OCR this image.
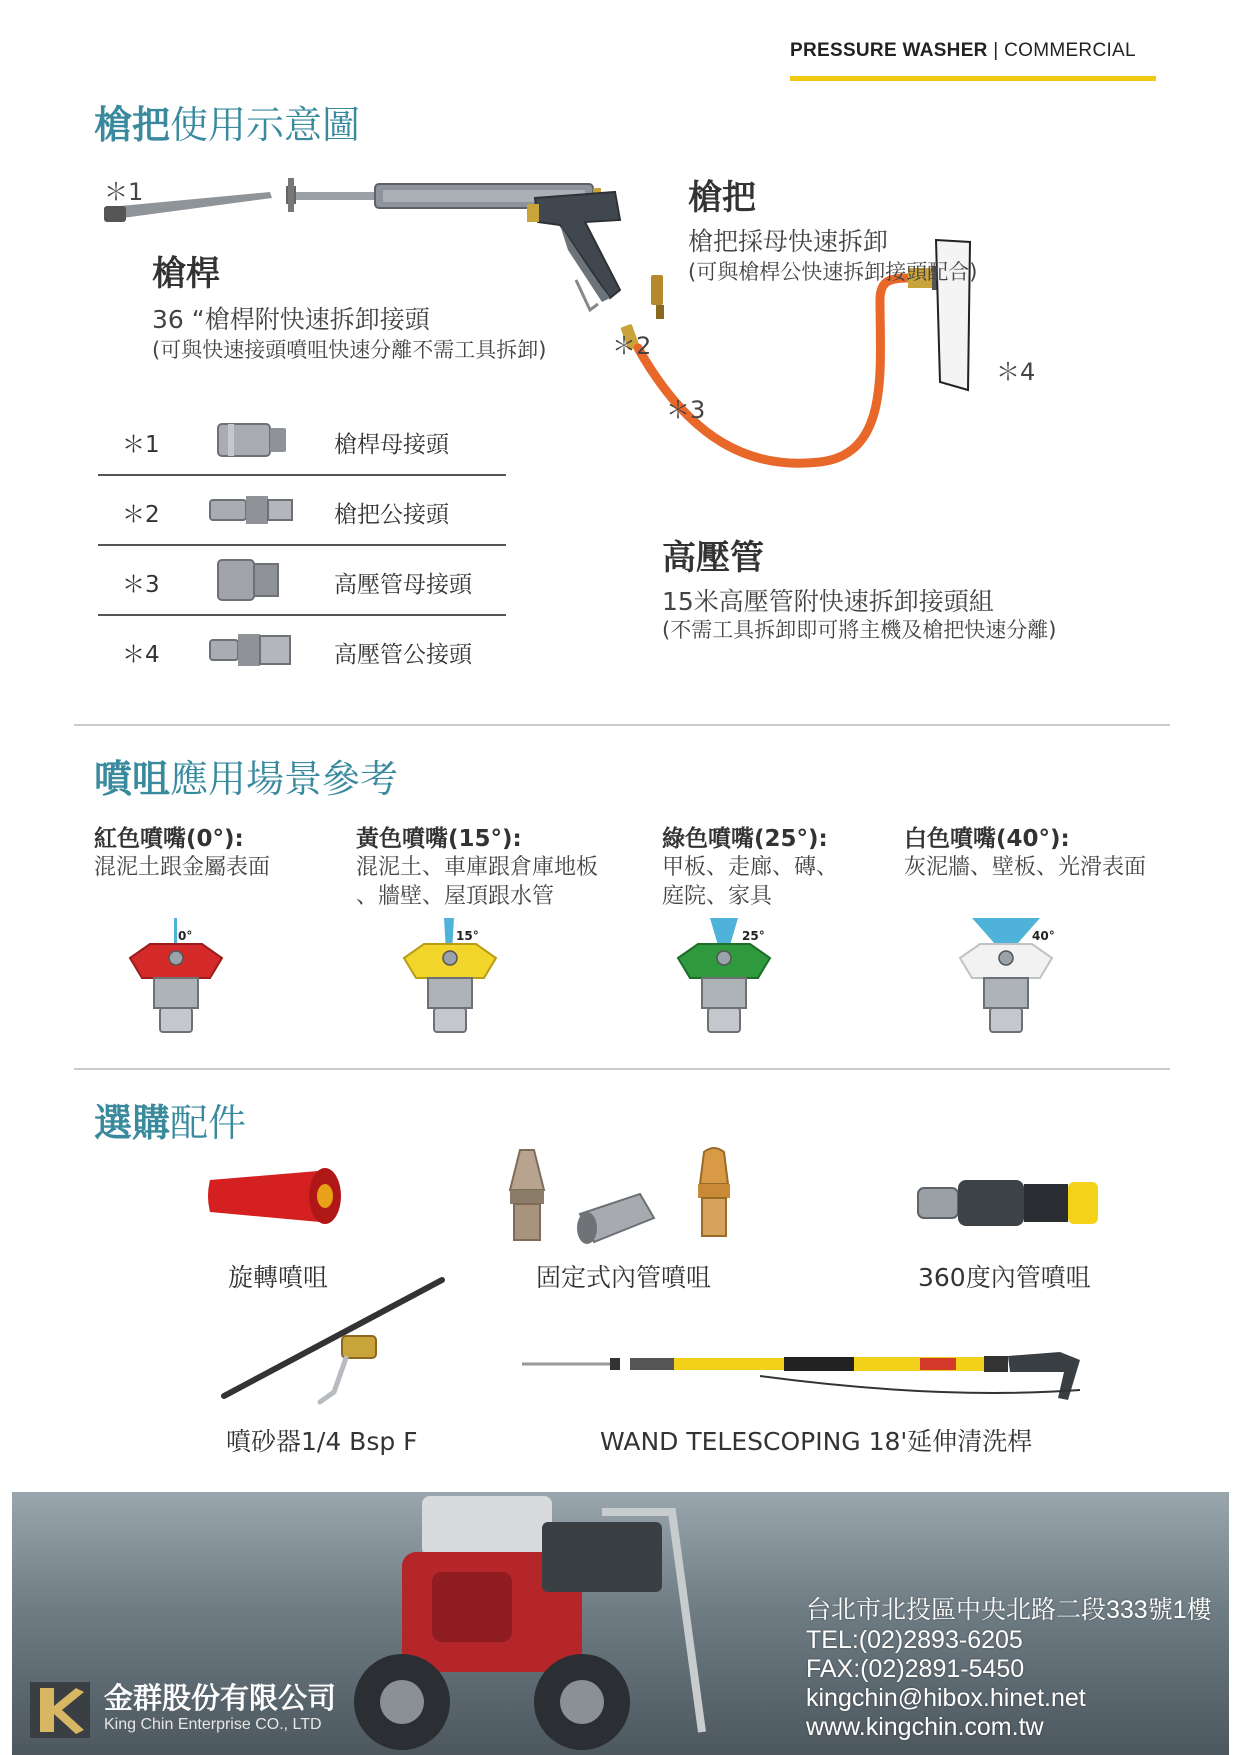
PRESSURE WASHER | COMMERCIAL
槍把使用示意圖
＊1
＊2
＊3
＊4
槍桿
36 “槍桿附快速拆卸接頭
(可與快速接頭噴咀快速分離不需工具拆卸)
槍把
槍把採母快速拆卸
(可與槍桿公快速拆卸接頭配合)
高壓管
15米高壓管附快速拆卸接頭組
(不需工具拆卸即可將主機及槍把快速分離)
＊1	槍桿母接頭
＊2	槍把公接頭
＊3	高壓管母接頭
＊4	高壓管公接頭
噴咀應用場景參考
紅色噴嘴(0°):
混泥土跟金屬表面
黃色噴嘴(15°):
混泥土、車庫跟倉庫地板
、牆壁、屋頂跟水管
綠色噴嘴(25°):
甲板、走廊、磚、
庭院、家具
白色噴嘴(40°):
灰泥牆、壁板、光滑表面
0°	15°	25°	40°
選購配件
旋轉噴咀	固定式內管噴咀	360度內管噴咀
噴砂器1/4 Bsp F	WAND TELESCOPING 18'延伸清洗桿
金群股份有限公司
King Chin Enterprise CO., LTD
台北市北投區中央北路二段333號1樓
TEL:(02)2893-6205
FAX:(02)2891-5450
kingchin@hibox.hinet.net
www.kingchin.com.tw
